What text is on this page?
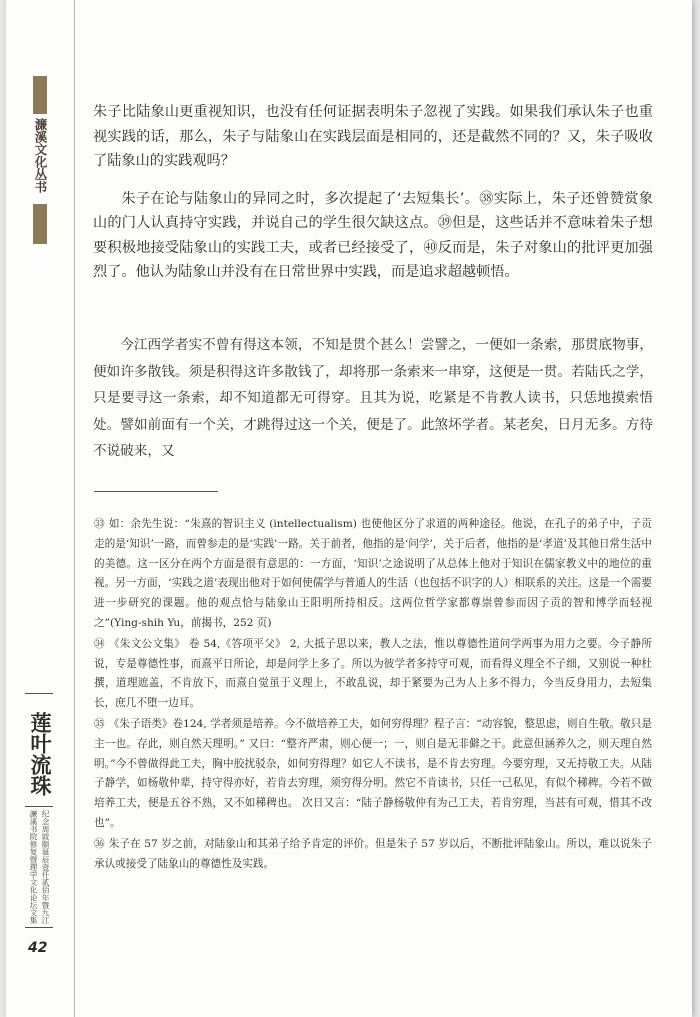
濂溪文化丛书
莲叶流珠
纪念周敦颐诞辰壹仟贰佰年暨九江
濂溪书院修复暨理学文化论坛文集
42

朱子比陆象山更重视知识，也没有任何证据表明朱子忽视了实践。如果我们承认朱子也重视实践的话，那么，朱子与陆象山在实践层面是相同的，还是截然不同的？又，朱子吸收了陆象山的实践观吗？

朱子在论与陆象山的异同之时，多次提起了‘去短集长’。㊳实际上，朱子还曾赞赏象山的门人认真持守实践，并说自己的学生很欠缺这点。㊴但是，这些话并不意味着朱子想要积极地接受陆象山的实践工夫，或者已经接受了，㊵反而是，朱子对象山的批评更加强烈了。他认为陆象山并没有在日常世界中实践，而是追求超越顿悟。

今江西学者实不曾有得这本领，不知是贯个甚么！尝譬之，一便如一条索，那贯底物事，便如许多散钱。须是积得这许多散钱了，却将那一条索来一串穿，这便是一贯。若陆氏之学，只是要寻这一条索，却不知道都无可得穿。且其为说，吃紧是不肯教人读书，只恁地摸索悟处。譬如前面有一个关，才跳得过这一个关，便是了。此煞坏学者。某老矣，日月无多。方待不说破来，又
㉝ 如：余先生说：“朱熹的智识主义 (intellectualism) 也使他区分了求道的两种途径。他说，在孔子的弟子中，子贡走的是‘知识’一路，而曾参走的是‘实践’一路。关于前者，他指的是‘问学’，关于后者，他指的是‘孝道’及其他日常生活中的美德。这一区分在两个方面是很有意思的：一方面，‘知识’之途说明了从总体上他对于知识在儒家教义中的地位的重视。另一方面，‘实践之道’表现出他对于如何使儒学与普通人的生活（也包括不识字的人）相联系的关注。这是一个需要进一步研究的课题。他的观点恰与陆象山王阳明所持相反。这两位哲学家都尊崇曾参而因子贡的智和博学而轻视之”(Ying-shih Yu，前揭书，252 页)
㉞ 《朱文公文集》 卷 54,《答项平父》 2, 大抵子思以来，教人之法，惟以尊德性道问学两事为用力之要。今子静所说，专是尊德性事，而熹平日所论，却是问学上多了。所以为彼学者多持守可观，而看得义理全不子细，又别说一种杜撰，道理遮盖，不肯放下，而熹自觉虽于义理上，不敢乱说，却于紧要为己为人上多不得力，今当反身用力，去短集长，庶几不堕一边耳。
㉟ 《朱子语类》卷124, 学者须是培养。今不做培养工夫，如何穷得理？程子言：“动容貌，整思虑，则自生敬。敬只是主一也。存此，则自然天理明。” 又曰：“整齐严肃，则心便一；一，则自是无非僻之干。此意但涵养久之，则天理自然明。”今不曾做得此工夫，胸中胶扰驳杂，如何穷得理？如它人不读书，是不肯去穷理。今要穷理，又无持敬工夫。从陆子静学，如杨敬仲辈，持守得亦好，若肯去穷理，须穷得分明。然它不肯读书，只任一己私见，有似个稊稗。今若不做培养工夫，便是五谷不熟，又不如稊稗也。 次日又言：“陆子静杨敬仲有为己工夫，若肯穷理，当甚有可观，惜其不改也”。
㊱ 朱子在 57 岁之前，对陆象山和其弟子给予肯定的评价。但是朱子 57 岁以后，不断批评陆象山。所以，难以说朱子承认或接受了陆象山的尊德性及实践。
